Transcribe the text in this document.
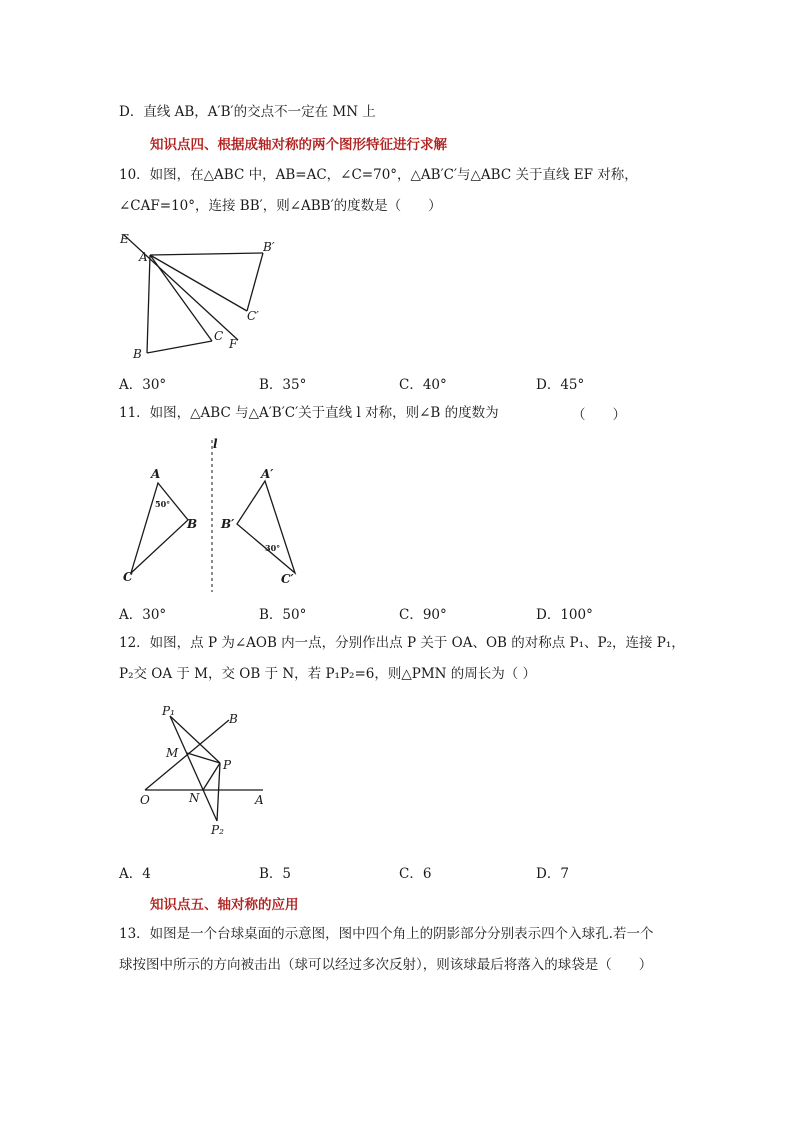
D．直线 AB，A′B′的交点不一定在 MN 上
知识点四、根据成轴对称的两个图形特征进行求解
10．如图，在△ABC 中，AB=AC，∠C=70°，△AB′C′与△ABC 关于直线 EF 对称，
∠CAF=10°，连接 BB′，则∠ABB′的度数是（　　）
E
A
B′
C′
C
F
B
A．30°	B．35°	C．40°	D．45°
11．如图，△ABC 与△A′B′C′关于直线 l 对称，则∠B 的度数为	（　　）
l
A
B
C
50°
A′
B′
C′
30°
A．30°	B．50°	C．90°	D．100°
12．如图，点 P 为∠AOB 内一点，分别作出点 P 关于 OA、OB 的对称点 P₁、P₂，连接 P₁，
P₂交 OA 于 M，交 OB 于 N，若 P₁P₂=6，则△PMN 的周长为（ ）
P₁
B
M
P
O	N	A
P₂
A．4	B．5	C．6	D．7
知识点五、轴对称的应用
13．如图是一个台球桌面的示意图，图中四个角上的阴影部分分别表示四个入球孔.若一个
球按图中所示的方向被击出（球可以经过多次反射），则该球最后将落入的球袋是（　　）
